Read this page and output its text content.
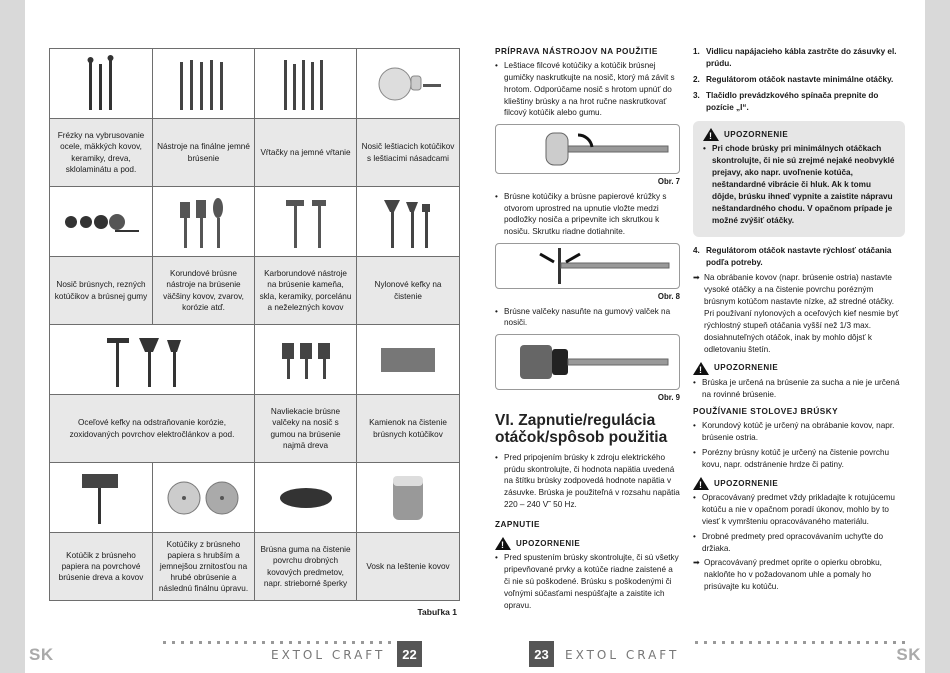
Frézky na vybrusovanie ocele, mäkkých kovov, keramiky, dreva, sklolaminátu a pod.	Nástroje na finálne jemné brúsenie	Vŕtačky na jemné vŕtanie	Nosič leštiacich kotúčikov s leštiacimi násadcami

Nosič brúsnych, rezných kotúčikov a brúsnej gumy	Korundové brúsne nástroje na brúsenie väčšiny kovov, zvarov, korózie atď.	Karborundové nástroje na brúsenie kameňa, skla, keramiky, porcelánu a neželezných kovov	Nylonové kefky na čistenie

Oceľové kefky na odstraňovanie korózie, zoxidovaných povrchov elektročlánkov a pod.		Navliekacie brúsne valčeky na nosič s gumou na brúsenie najmä dreva	Kamienok na čistenie brúsnych kotúčikov

Kotúčik z brúsneho papiera na povrchové brúsenie dreva a kovov	Kotúčiky z brúsneho papiera s hrubším a jemnejšou zrnitosťou na hrubé obrúsenie a následnú finálnu úpravu.	Brúsna guma na čistenie povrchu drobných kovových predmetov, napr. strieborné šperky	Vosk na leštenie kovov
Tabuľka 1
SK	EXTOL CRAFT	22
PRÍPRAVA NÁSTROJOV NA POUŽITIE
• Leštiace filcové kotúčiky a kotúčik brúsnej gumičky naskrutkujte na nosič, ktorý má závit s hrotom. Odporúčame nosič s hrotom upnúť do klieštiny brúsky a na hrot ručne naskrutkovať filcový kotúčik alebo gumu.
Obr. 7
• Brúsne kotúčiky a brúsne papierové krúžky s otvorom uprostred na upnutie vložte medzi podložky nosiča a pripevnite ich skrutkou k nosiču. Skrutku riadne dotiahnite.
Obr. 8
• Brúsne valčeky nasuňte na gumový valček na nosiči.
Obr. 9
VI. Zapnutie/regulácia otáčok/spôsob použitia
• Pred pripojením brúsky k zdroju elektrického prúdu skontrolujte, či hodnota napätia uvedená na štítku brúsky zodpovedá hodnote napätia v zásuvke. Brúska je použiteľná v rozsahu napätia 220 – 240 V˜ 50 Hz.
ZAPNUTIE
!
UPOZORNENIE
• Pred spustením brúsky skontrolujte, či sú všetky pripevňované prvky a kotúče riadne zaistené a či nie sú poškodené. Brúsku s poškodenými či voľnými súčasťami nespúšťajte a zaistite ich opravu.
1. Vidlicu napájacieho kábla zastrčte do zásuvky el. prúdu.
2. Regulátorom otáčok nastavte minimálne otáčky.
3. Tlačidlo prevádzkového spínača prepnite do pozície „I“.
!
UPOZORNENIE
• Pri chode brúsky pri minimálnych otáčkach skontrolujte, či nie sú zrejmé nejaké neobvyklé prejavy, ako napr. uvoľnenie kotúča, neštandardné vibrácie či hluk. Ak k tomu dôjde, brúsku ihneď vypnite a zaistite nápravu neštandardného chodu. V opačnom prípade je možné zvýšiť otáčky.
4. Regulátorom otáčok nastavte rýchlosť otáčania podľa potreby.
➡ Na obrábanie kovov (napr. brúsenie ostria) nastavte vysoké otáčky a na čistenie povrchu porézným brúsnym kotúčom nastavte nízke, až stredné otáčky. Pri používaní nylonových a oceľových kief nesmie byť rýchlostný stupeň otáčania vyšší než 1/3 max. dosiahnuteľných otáčok, inak by mohlo dôjsť k odletovaniu štetín.
!
UPOZORNENIE
• Brúska je určená na brúsenie za sucha a nie je určená na rovinné brúsenie.
POUŽÍVANIE STOLOVEJ BRÚSKY
• Korundový kotúč je určený na obrábanie kovov, napr. brúsenie ostria.
• Porézny brúsny kotúč je určený na čistenie povrchu kovu, napr. odstránenie hrdze či patiny.
!
UPOZORNENIE
• Opracovávaný predmet vždy prikladajte k rotujúcemu kotúču a nie v opačnom poradí úkonov, mohlo by to viesť k vymršteniu opracovávaného materiálu.
• Drobné predmety pred opracovávaním uchyťte do držiaka.
➡ Opracovávaný predmet oprite o opierku obrobku, nakloňte ho v požadovanom uhle a pomaly ho prisúvajte ku kotúču.
23	EXTOL CRAFT	SK
